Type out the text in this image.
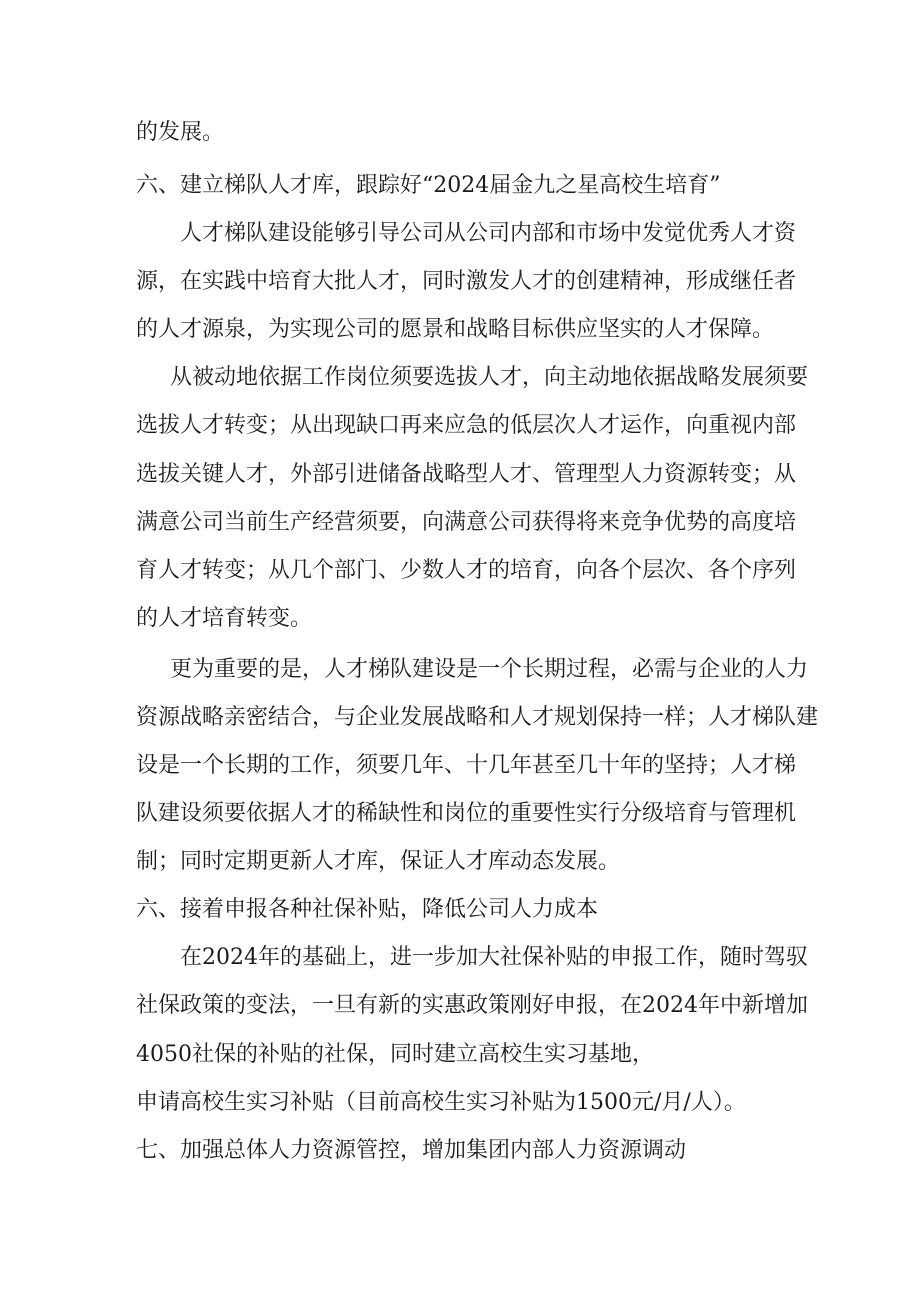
的发展。

六、建立梯队人才库，跟踪好“2024届金九之星高校生培育”

人才梯队建设能够引导公司从公司内部和市场中发觉优秀人才资

源，在实践中培育大批人才，同时激发人才的创建精神，形成继任者

的人才源泉，为实现公司的愿景和战略目标供应坚实的人才保障。

从被动地依据工作岗位须要选拔人才，向主动地依据战略发展须要

选拔人才转变；从出现缺口再来应急的低层次人才运作，向重视内部

选拔关键人才，外部引进储备战略型人才、管理型人力资源转变；从

满意公司当前生产经营须要，向满意公司获得将来竞争优势的高度培

育人才转变；从几个部门、少数人才的培育，向各个层次、各个序列

的人才培育转变。

更为重要的是，人才梯队建设是一个长期过程，必需与企业的人力

资源战略亲密结合，与企业发展战略和人才规划保持一样；人才梯队建

设是一个长期的工作，须要几年、十几年甚至几十年的坚持；人才梯

队建设须要依据人才的稀缺性和岗位的重要性实行分级培育与管理机

制；同时定期更新人才库，保证人才库动态发展。

六、接着申报各种社保补贴，降低公司人力成本

在2024年的基础上，进一步加大社保补贴的申报工作，随时驾驭

社保政策的变法，一旦有新的实惠政策刚好申报，在2024年中新增加

4050社保的补贴的社保，同时建立高校生实习基地，

申请高校生实习补贴（目前高校生实习补贴为1500元/月/人）。

七、加强总体人力资源管控，增加集团内部人力资源调动
